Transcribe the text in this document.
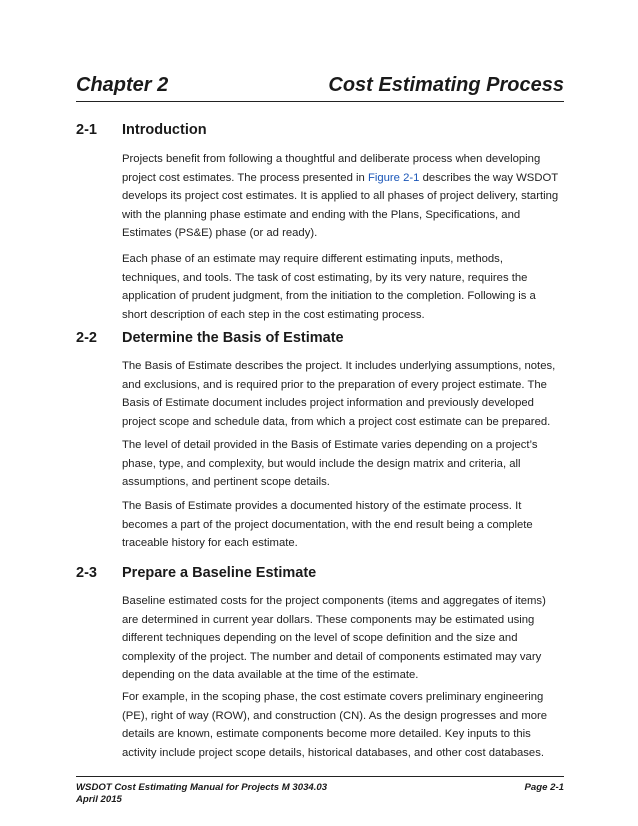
Chapter 2	Cost Estimating Process
2-1 Introduction

Projects benefit from following a thoughtful and deliberate process when developing project cost estimates. The process presented in Figure 2-1 describes the way WSDOT develops its project cost estimates. It is applied to all phases of project delivery, starting with the planning phase estimate and ending with the Plans, Specifications, and Estimates (PS&E) phase (or ad ready).

Each phase of an estimate may require different estimating inputs, methods, techniques, and tools. The task of cost estimating, by its very nature, requires the application of prudent judgment, from the initiation to the completion. Following is a short description of each step in the cost estimating process.

2-2 Determine the Basis of Estimate

The Basis of Estimate describes the project. It includes underlying assumptions, notes, and exclusions, and is required prior to the preparation of every project estimate. The Basis of Estimate document includes project information and previously developed project scope and schedule data, from which a project cost estimate can be prepared.

The level of detail provided in the Basis of Estimate varies depending on a project’s phase, type, and complexity, but would include the design matrix and criteria, all assumptions, and pertinent scope details.

The Basis of Estimate provides a documented history of the estimate process. It becomes a part of the project documentation, with the end result being a complete traceable history for each estimate.

2-3 Prepare a Baseline Estimate

Baseline estimated costs for the project components (items and aggregates of items) are determined in current year dollars. These components may be estimated using different techniques depending on the level of scope definition and the size and complexity of the project. The number and detail of components estimated may vary depending on the data available at the time of the estimate.

For example, in the scoping phase, the cost estimate covers preliminary engineering (PE), right of way (ROW), and construction (CN). As the design progresses and more details are known, estimate components become more detailed. Key inputs to this activity include project scope details, historical databases, and other cost databases.

WSDOT Cost Estimating Manual for Projects M 3034.03	Page 2-1
April 2015
